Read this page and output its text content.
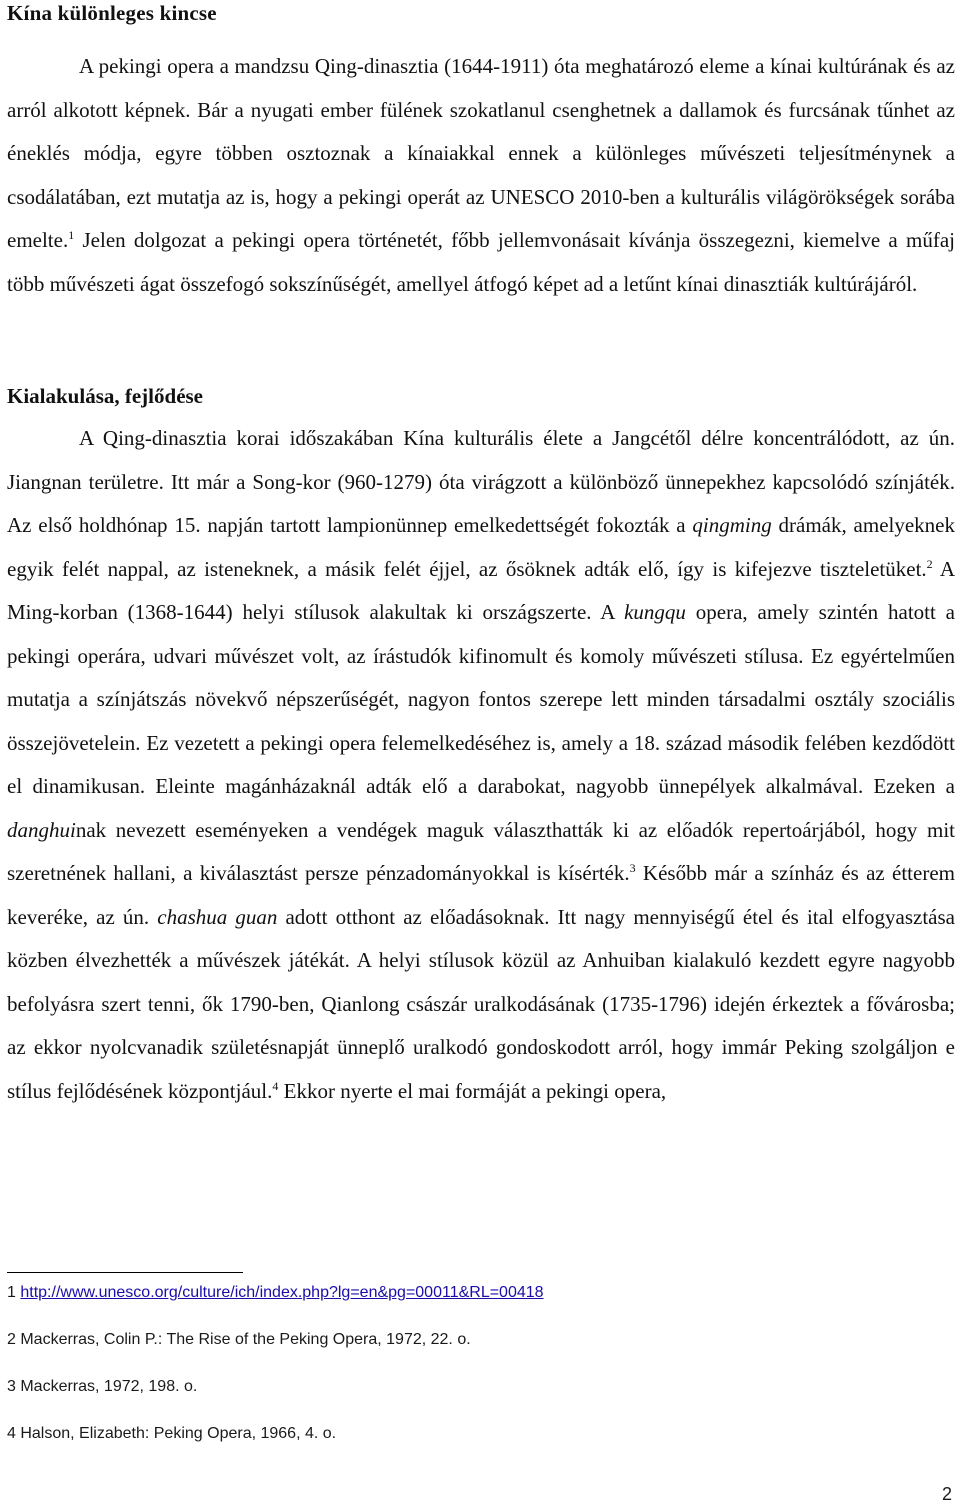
Kína különleges kincse

A pekingi opera a mandzsu Qing-dinasztia (1644-1911) óta meghatározó eleme a kínai kultúrának és az arról alkotott képnek. Bár a nyugati ember fülének szokatlanul csenghetnek a dallamok és furcsának tűnhet az éneklés módja, egyre többen osztoznak a kínaiakkal ennek a különleges művészeti teljesítménynek a csodálatában, ezt mutatja az is, hogy a pekingi operát az UNESCO 2010-ben a kulturális világörökségek sorába emelte.$^1$ Jelen dolgozat a pekingi opera történetét, főbb jellemvonásait kívánja összegezni, kiemelve a műfaj több művészeti ágat összefogó sokszínűségét, amellyel átfogó képet ad a letűnt kínai dinasztiák kultúrájáról.

Kialakulása, fejlődése

A Qing-dinasztia korai időszakában Kína kulturális élete a Jangcétől délre koncentrálódott, az ún. Jiangnan területre. Itt már a Song-kor (960-1279) óta virágzott a különböző ünnepekhez kapcsolódó színjáték. Az első holdhónap 15. napján tartott lampionünnep emelkedettségét fokozták a qingming drámák, amelyeknek egyik felét nappal, az isteneknek, a másik felét éjjel, az ősöknek adták elő, így is kifejezve tiszteletüket.$^2$ A Ming-korban (1368-1644) helyi stílusok alakultak ki országszerte. A kungqu opera, amely szintén hatott a pekingi operára, udvari művészet volt, az írástudók kifinomult és komoly művészeti stílusa. Ez egyértelműen mutatja a színjátszás növekvő népszerűségét, nagyon fontos szerepe lett minden társadalmi osztály szociális összejövetelein. Ez vezetett a pekingi opera felemelkedéséhez is, amely a 18. század második felében kezdődött el dinamikusan. Eleinte magánházaknál adták elő a darabokat, nagyobb ünnepélyek alkalmával. Ezeken a danghuinak nevezett eseményeken a vendégek maguk választhatták ki az előadók repertoárjából, hogy mit szeretnének hallani, a kiválasztást persze pénzadományokkal is kísérték.$^3$ Később már a színház és az étterem keveréke, az ún. chashua guan adott otthont az előadásoknak. Itt nagy mennyiségű étel és ital elfogyasztása közben élvezhették a művészek játékát. A helyi stílusok közül az Anhuiban kialakuló kezdett egyre nagyobb befolyásra szert tenni, ők 1790-ben, Qianlong császár uralkodásának (1735-1796) idején érkeztek a fővárosba; az ekkor nyolcvanadik születésnapját ünneplő uralkodó gondoskodott arról, hogy immár Peking szolgáljon e stílus fejlődésének központjául.$^4$ Ekkor nyerte el mai formáját a pekingi opera,

1 http://www.unesco.org/culture/ich/index.php?lg=en&pg=00011&RL=00418
2 Mackerras, Colin P.: The Rise of the Peking Opera, 1972, 22. o.
3 Mackerras, 1972, 198. o.
4 Halson, Elizabeth: Peking Opera, 1966, 4. o.
2
